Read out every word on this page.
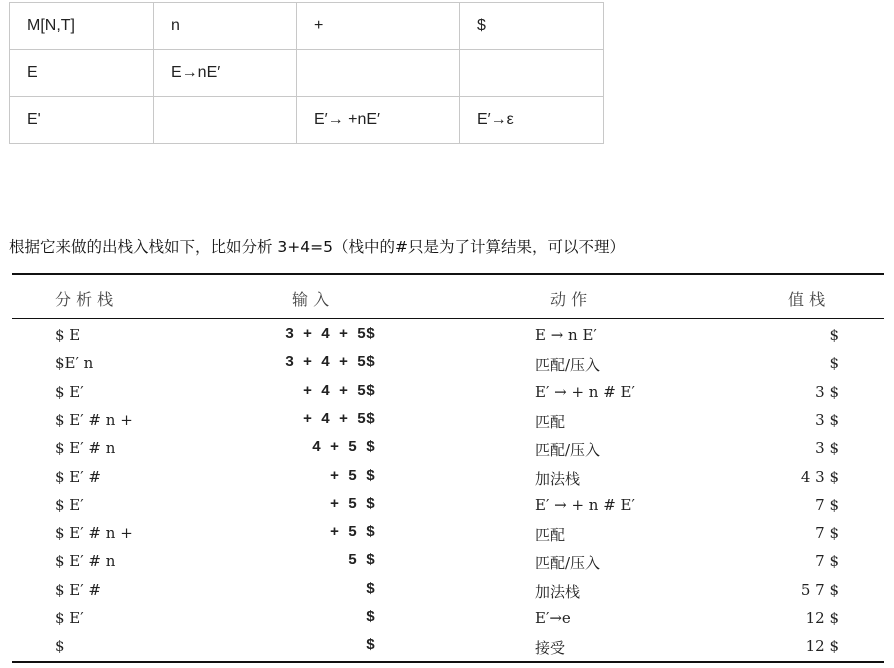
M[N,T]	n	+	$
E	E→nE′		
E'		E′→ +nE′	E′→ε
根据它来做的出栈入栈如下，比如分析 3+4=5（栈中的#只是为了计算结果，可以不理）
分 析 栈	输 入	动 作	值 栈
$ E	3 + 4 + 5$	E → n E′	$
$E′ n	3 + 4 + 5$	匹配/压入	$
$ E′	+ 4 + 5$	E′ → + n # E′	3 $
$ E′ # n +	+ 4 + 5$	匹配	3 $
$ E′ # n	4 + 5 $	匹配/压入	3 $
$ E′ #	+ 5 $	加法栈	4 3 $
$ E′	+ 5 $	E′ → + n # E′	7 $
$ E′ # n +	+ 5 $	匹配	7 $
$ E′ # n	5 $	匹配/压入	7 $
$ E′ #	$	加法栈	5 7 $
$ E′	$	E′→e	12 $
$	$	接受	12 $
